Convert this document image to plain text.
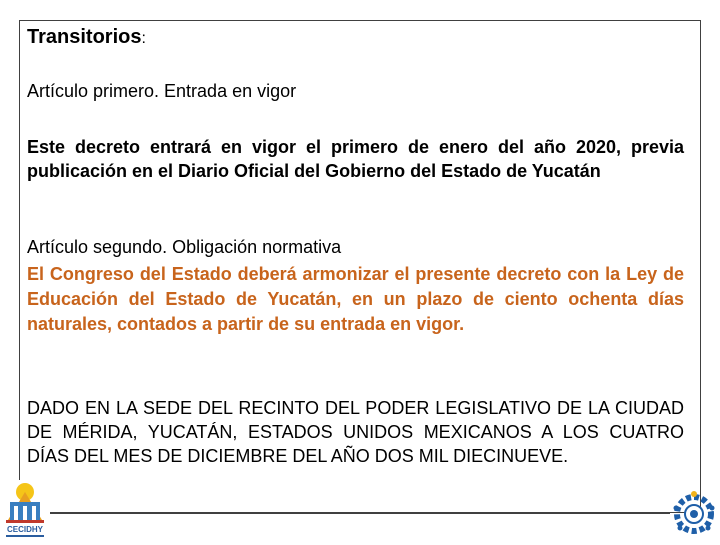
Transitorios:
Artículo primero. Entrada en vigor
Este decreto entrará en vigor el primero de enero del año 2020, previa publicación en el Diario Oficial del Gobierno del Estado de Yucatán
Artículo segundo. Obligación normativa
El Congreso del Estado deberá armonizar el presente decreto con la Ley de Educación del Estado de Yucatán, en un plazo de ciento ochenta días naturales, contados a partir de su entrada en vigor.
DADO EN LA SEDE DEL RECINTO DEL PODER LEGISLATIVO DE LA CIUDAD DE MÉRIDA, YUCATÁN, ESTADOS UNIDOS MEXICANOS A LOS CUATRO DÍAS DEL MES DE DICIEMBRE DEL AÑO DOS MIL DIECINUEVE.
CECIDHY
